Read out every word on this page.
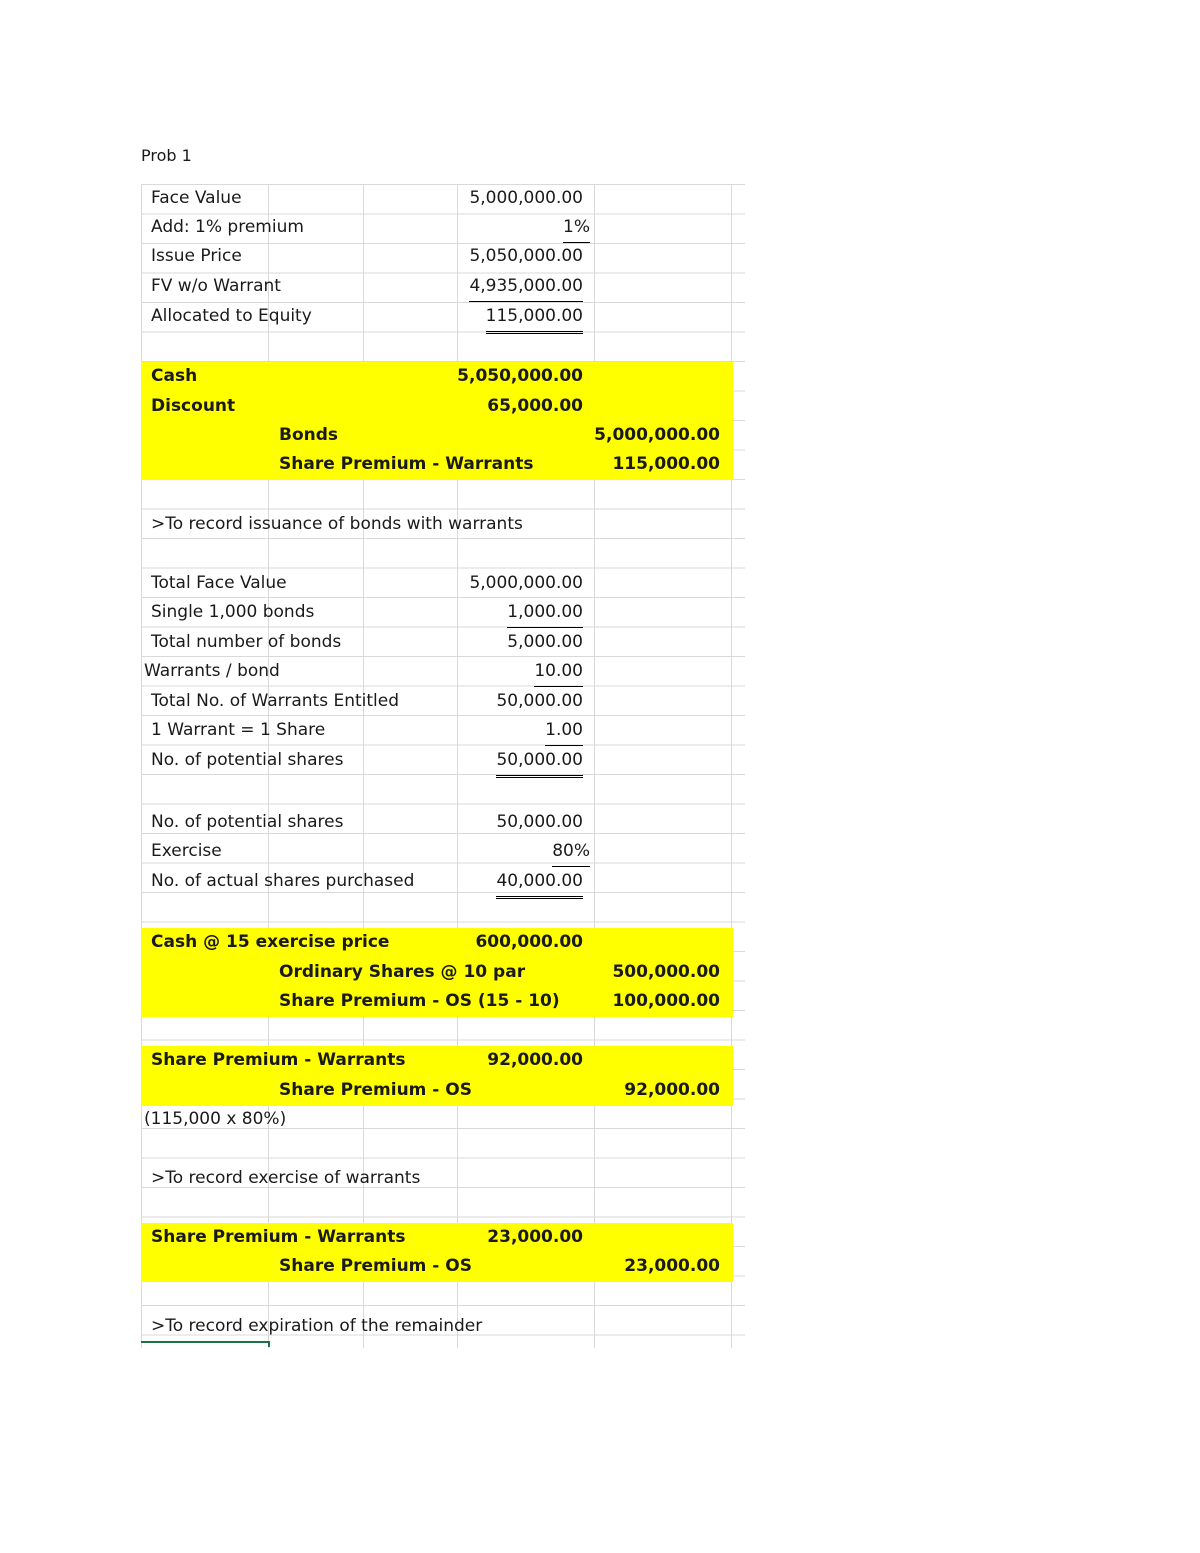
Prob 1
Face Value	5,000,000.00
Add: 1% premium	1%
Issue Price	5,050,000.00
FV w/o Warrant	4,935,000.00
Allocated to Equity	115,000.00
Cash	5,050,000.00
Discount	65,000.00
Bonds	5,000,000.00
Share Premium - Warrants	115,000.00
>To record issuance of bonds with warrants
Total Face Value	5,000,000.00
Single 1,000 bonds	1,000.00
Total number of bonds	5,000.00
Warrants / bond	10.00
Total No. of Warrants Entitled	50,000.00
1 Warrant = 1 Share	1.00
No. of potential shares	50,000.00
No. of potential shares	50,000.00
Exercise	80%
No. of actual shares purchased	40,000.00
Cash @ 15 exercise price	600,000.00
Ordinary Shares @ 10 par	500,000.00
Share Premium - OS (15 - 10)	100,000.00
Share Premium - Warrants	92,000.00
Share Premium - OS	92,000.00
(115,000 x 80%)
>To record exercise of warrants
Share Premium - Warrants	23,000.00
Share Premium - OS	23,000.00
>To record expiration of the remainder
